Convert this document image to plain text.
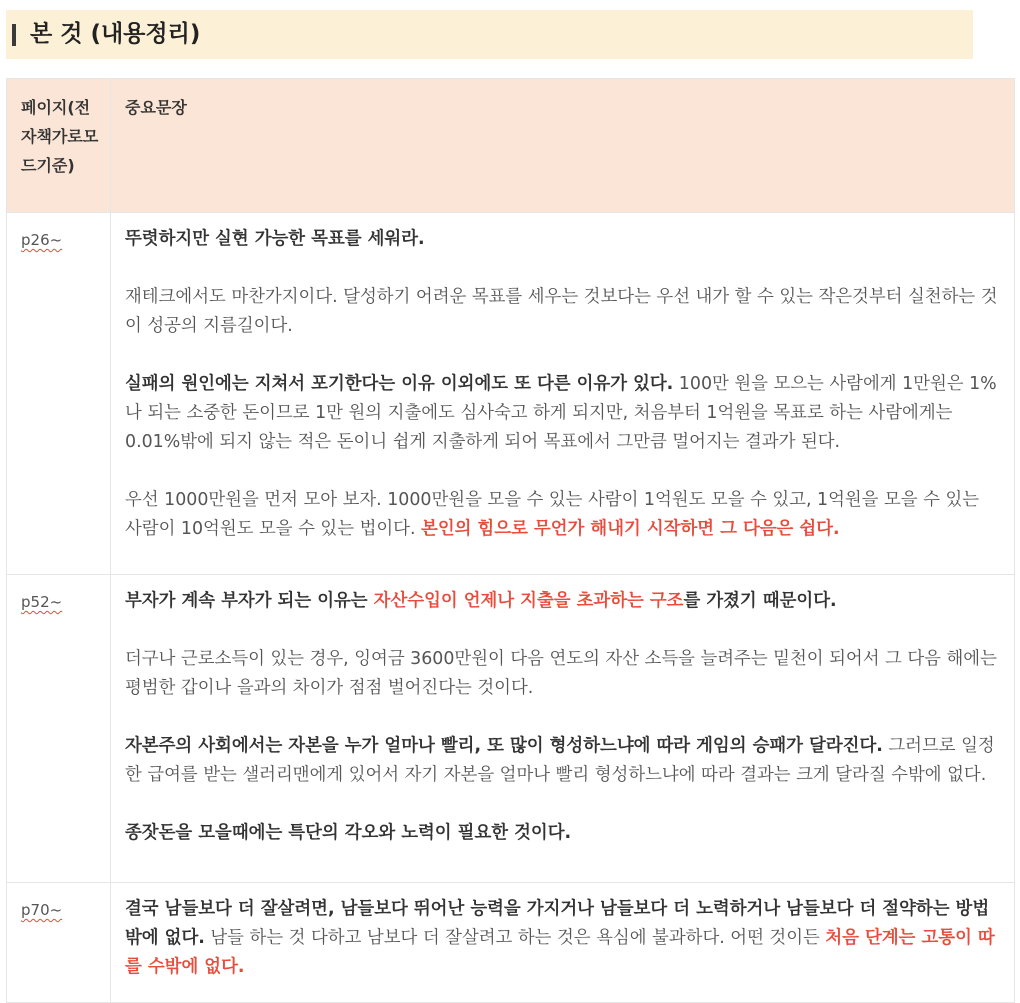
본 것 (내용정리)
페이지(전자책가로모드기준)	중요문장
p26~	뚜렷하지만 실현 가능한 목표를 세워라.

재테크에서도 마찬가지이다. 달성하기 어려운 목표를 세우는 것보다는 우선 내가 할 수 있는 작은것부터 실천하는 것이 성공의 지름길이다.

실패의 원인에는 지쳐서 포기한다는 이유 이외에도 또 다른 이유가 있다. 100만 원을 모으는 사람에게 1만원은 1%나 되는 소중한 돈이므로 1만 원의 지출에도 심사숙고 하게 되지만, 처음부터 1억원을 목표로 하는 사람에게는 0.01%밖에 되지 않는 적은 돈이니 쉽게 지출하게 되어 목표에서 그만큼 멀어지는 결과가 된다.

우선 1000만원을 먼저 모아 보자. 1000만원을 모을 수 있는 사람이 1억원도 모을 수 있고, 1억원을 모을 수 있는 사람이 10억원도 모을 수 있는 법이다. 본인의 힘으로 무언가 해내기 시작하면 그 다음은 쉽다.

p52~	부자가 계속 부자가 되는 이유는 자산수입이 언제나 지출을 초과하는 구조를 가졌기 때문이다.

더구나 근로소득이 있는 경우, 잉여금 3600만원이 다음 연도의 자산 소득을 늘려주는 밑천이 되어서 그 다음 해에는 평범한 갑이나 을과의 차이가 점점 벌어진다는 것이다.

자본주의 사회에서는 자본을 누가 얼마나 빨리, 또 많이 형성하느냐에 따라 게임의 승패가 달라진다. 그러므로 일정한 급여를 받는 샐러리맨에게 있어서 자기 자본을 얼마나 빨리 형성하느냐에 따라 결과는 크게 달라질 수밖에 없다.

종잣돈을 모을때에는 특단의 각오와 노력이 필요한 것이다.

p70~	결국 남들보다 더 잘살려면, 남들보다 뛰어난 능력을 가지거나 남들보다 더 노력하거나 남들보다 더 절약하는 방법밖에 없다. 남들 하는 것 다하고 남보다 더 잘살려고 하는 것은 욕심에 불과하다. 어떤 것이든 처음 단계는 고통이 따를 수밖에 없다.
